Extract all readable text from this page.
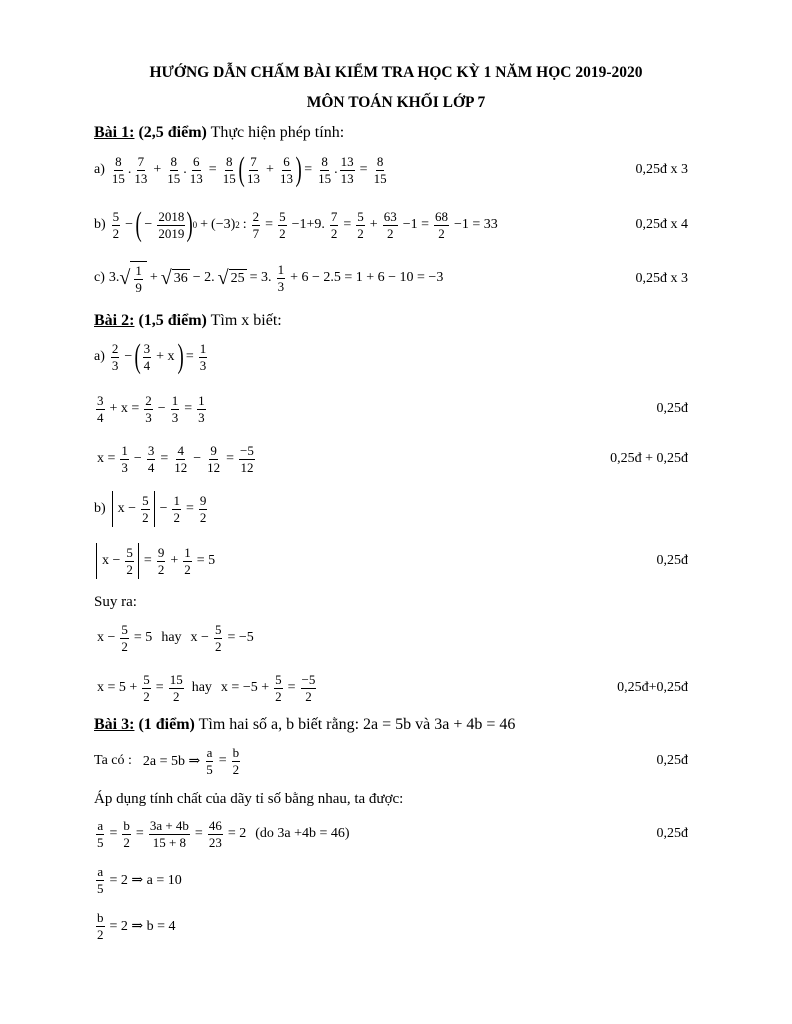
HƯỚNG DẪN CHẤM BÀI KIỂM TRA HỌC KỲ 1 NĂM HỌC 2019-2020
MÔN TOÁN KHỐI LỚP 7
Bài 1: (2,5 điểm) Thực hiện phép tính:
a)
8
15
.
7
13
+ $\frac{8}{15}$ . $\frac{6}{13} = \frac{8}{15}$ ( 7
13
+ $\frac{6}{13}$ ) = $\frac{8}{15}$ . $\frac{13}{13} = \frac{8}{15}$	0,25đ x 3
b)
5
2
− ( − $\frac{2018}{2019}$ ) 0 + (−3) 2 : $\frac{2}{7} = \frac{5}{2} -1+9$. $\frac{7}{2} = \frac{5}{2} + \frac{63}{2} -1 = \frac{68}{2} -1 = 33$	0,25đ x 4
c) 3. √ 1
9
+ √ 36 − 2. √ 25 = 3.
1
3
+ 6 − 2.5 = 1 + 6 − 10 = −3	0,25đ x 3
Bài 2: (1,5 điểm) Tìm x biết:
a)
2
3
− ( 3
4
+ x ) = $\frac{1}{3}$
3
4
+ $x = \frac{2}{3} - \frac{1}{3} = \frac{1}{3}$	0,25đ
$x = \frac{1}{3} - \frac{3}{4} = \frac{4}{12} - \frac{9}{12} = \frac{-5}{12}$	0,25đ + 0,25đ
b) $x - \frac{5}{2} - \frac{1}{2} = \frac{9}{2}$
$x - \frac{5}{2} = \frac{9}{2} + \frac{1}{2} = 5$	0,25đ
Suy ra:
$x - \frac{5}{2} = 5$ hay $x - \frac{5}{2} = -5$
$x = 5 + \frac{5}{2} = \frac{15}{2}$ hay $x = -5 + \frac{5}{2} = \frac{-5}{2}$	0,25đ+0,25đ
Bài 3: (1 điểm) Tìm hai số a, b biết rằng: 2a = 5b và 3a + 4b = 46
Ta có : 2a = 5b ⇒ $\frac{a}{5} = \frac{b}{2}$	0,25đ
Áp dụng tính chất của dãy tỉ số bằng nhau, ta được:
$\frac{a}{5} = \frac{b}{2} = \frac{3a + 4b}{15 + 8} = \frac{46}{23} = 2$ (do 3a +4b = 46)	0,25đ
$\frac{a}{5} = 2$ ⇒ a = 10
$\frac{b}{2} = 2$ ⇒ b = 4
